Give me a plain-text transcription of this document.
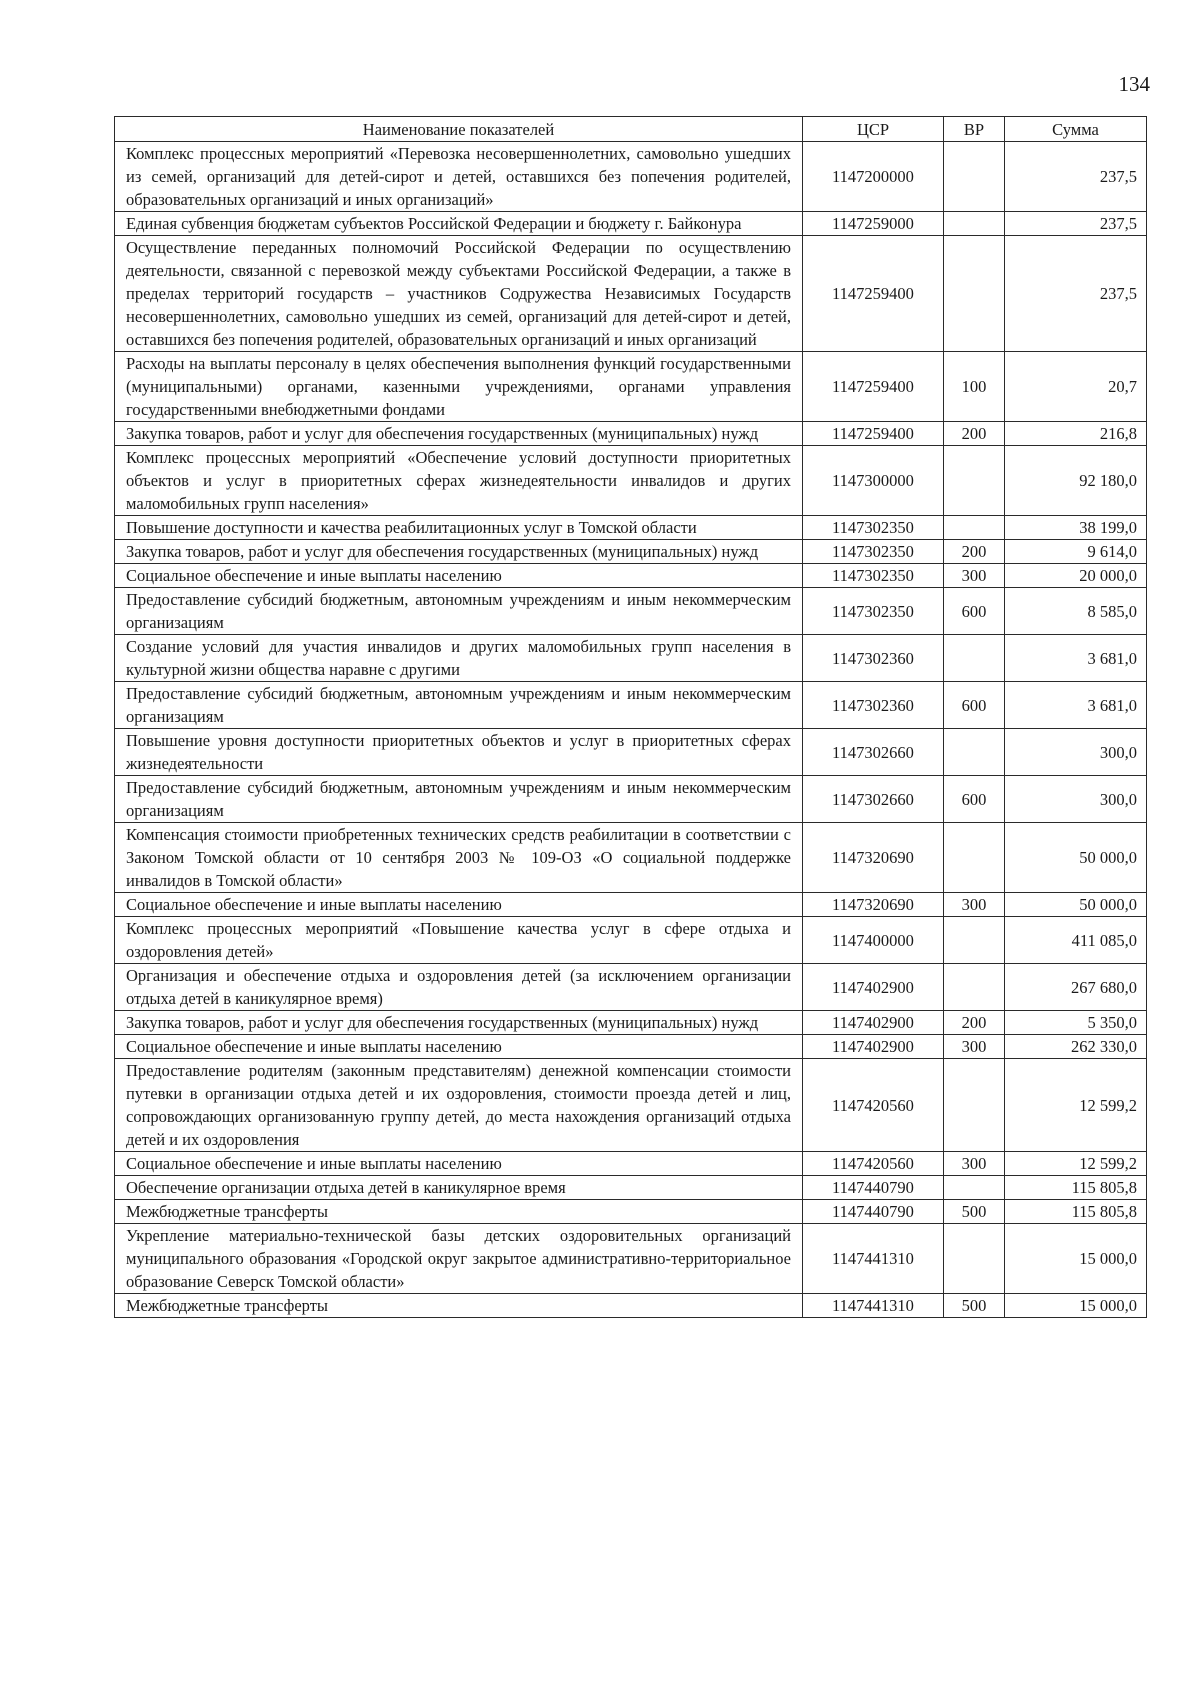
134
Наименование показателей	ЦСР	ВР	Сумма
Комплекс процессных мероприятий «Перевозка несовершеннолетних, самовольно ушедших из семей, организаций для детей-сирот и детей, оставшихся без попечения родителей, образовательных организаций и иных организаций»	1147200000		237,5
Единая субвенция бюджетам субъектов Российской Федерации и бюджету г. Байконура	1147259000		237,5
Осуществление переданных полномочий Российской Федерации по осуществлению деятельности, связанной с перевозкой между субъектами Российской Федерации, а также в пределах территорий государств – участников Содружества Независимых Государств несовершеннолетних, самовольно ушедших из семей, организаций для детей-сирот и детей, оставшихся без попечения родителей, образовательных организаций и иных организаций	1147259400		237,5
Расходы на выплаты персоналу в целях обеспечения выполнения функций государственными (муниципальными) органами, казенными учреждениями, органами управления государственными внебюджетными фондами	1147259400	100	20,7
Закупка товаров, работ и услуг для обеспечения государственных (муниципальных) нужд	1147259400	200	216,8
Комплекс процессных мероприятий «Обеспечение условий доступности приоритетных объектов и услуг в приоритетных сферах жизнедеятельности инвалидов и других маломобильных групп населения»	1147300000		92 180,0
Повышение доступности и качества реабилитационных услуг в Томской области	1147302350		38 199,0
Закупка товаров, работ и услуг для обеспечения государственных (муниципальных) нужд	1147302350	200	9 614,0
Социальное обеспечение и иные выплаты населению	1147302350	300	20 000,0
Предоставление субсидий бюджетным, автономным учреждениям и иным некоммерческим организациям	1147302350	600	8 585,0
Создание условий для участия инвалидов и других маломобильных групп населения в культурной жизни общества наравне с другими	1147302360		3 681,0
Предоставление субсидий бюджетным, автономным учреждениям и иным некоммерческим организациям	1147302360	600	3 681,0
Повышение уровня доступности приоритетных объектов и услуг в приоритетных сферах жизнедеятельности	1147302660		300,0
Предоставление субсидий бюджетным, автономным учреждениям и иным некоммерческим организациям	1147302660	600	300,0
Компенсация стоимости приобретенных технических средств реабилитации в соответствии с Законом Томской области от 10 сентября 2003 № 109-ОЗ «О социальной поддержке инвалидов в Томской области»	1147320690		50 000,0
Социальное обеспечение и иные выплаты населению	1147320690	300	50 000,0
Комплекс процессных мероприятий «Повышение качества услуг в сфере отдыха и оздоровления детей»	1147400000		411 085,0
Организация и обеспечение отдыха и оздоровления детей (за исключением организации отдыха детей в каникулярное время)	1147402900		267 680,0
Закупка товаров, работ и услуг для обеспечения государственных (муниципальных) нужд	1147402900	200	5 350,0
Социальное обеспечение и иные выплаты населению	1147402900	300	262 330,0
Предоставление родителям (законным представителям) денежной компенсации стоимости путевки в организации отдыха детей и их оздоровления, стоимости проезда детей и лиц, сопровождающих организованную группу детей, до места нахождения организаций отдыха детей и их оздоровления	1147420560		12 599,2
Социальное обеспечение и иные выплаты населению	1147420560	300	12 599,2
Обеспечение организации отдыха детей в каникулярное время	1147440790		115 805,8
Межбюджетные трансферты	1147440790	500	115 805,8
Укрепление материально-технической базы детских оздоровительных организаций муниципального образования «Городской округ закрытое административно-территориальное образование Северск Томской области»	1147441310		15 000,0
Межбюджетные трансферты	1147441310	500	15 000,0
